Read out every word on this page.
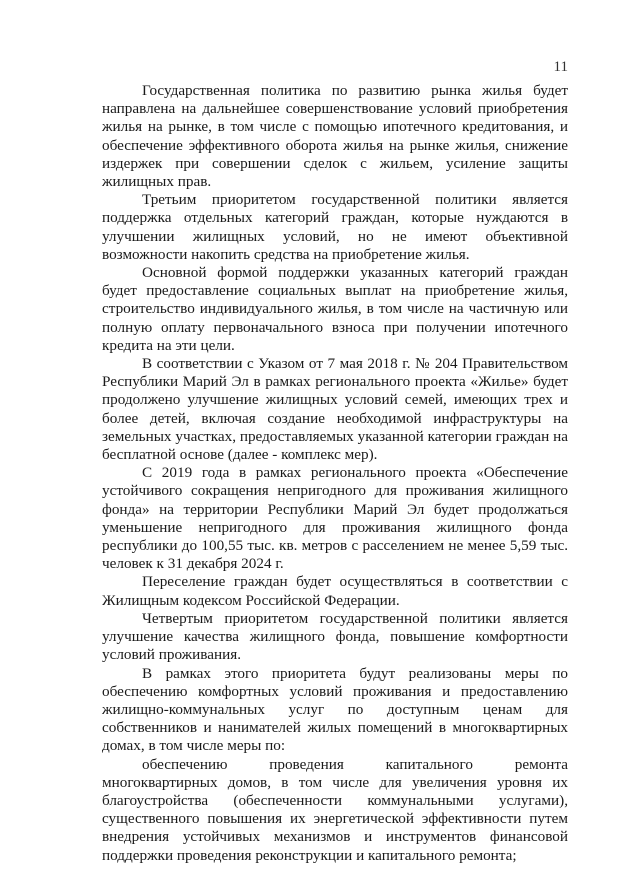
11

Государственная политика по развитию рынка жилья будет направлена на дальнейшее совершенствование условий приобретения жилья на рынке, в том числе с помощью ипотечного кредитования, и обеспечение эффективного оборота жилья на рынке жилья, снижение издержек при совершении сделок с жильем, усиление защиты жилищных прав.

Третьим приоритетом государственной политики является поддержка отдельных категорий граждан, которые нуждаются в улучшении жилищных условий, но не имеют объективной возможности накопить средства на приобретение жилья.

Основной формой поддержки указанных категорий граждан будет предоставление социальных выплат на приобретение жилья, строительство индивидуального жилья, в том числе на частичную или полную оплату первоначального взноса при получении ипотечного кредита на эти цели.

В соответствии с Указом от 7 мая 2018 г. № 204 Правительством Республики Марий Эл в рамках регионального проекта «Жилье» будет продолжено улучшение жилищных условий семей, имеющих трех и более детей, включая создание необходимой инфраструктуры на земельных участках, предоставляемых указанной категории граждан на бесплатной основе (далее - комплекс мер).

С 2019 года в рамках регионального проекта «Обеспечение устойчивого сокращения непригодного для проживания жилищного фонда» на территории Республики Марий Эл будет продолжаться уменьшение непригодного для проживания жилищного фонда республики до 100,55 тыс. кв. метров с расселением не менее 5,59 тыс. человек к 31 декабря 2024 г.

Переселение граждан будет осуществляться в соответствии с Жилищным кодексом Российской Федерации.

Четвертым приоритетом государственной политики является улучшение качества жилищного фонда, повышение комфортности условий проживания.

В рамках этого приоритета будут реализованы меры по обеспечению комфортных условий проживания и предоставлению жилищно-коммунальных услуг по доступным ценам для собственников и нанимателей жилых помещений в многоквартирных домах, в том числе меры по:

обеспечению проведения капитального ремонта многоквартирных домов, в том числе для увеличения уровня их благоустройства (обеспеченности коммунальными услугами), существенного повышения их энергетической эффективности путем внедрения устойчивых механизмов и инструментов финансовой поддержки проведения реконструкции и капитального ремонта;
